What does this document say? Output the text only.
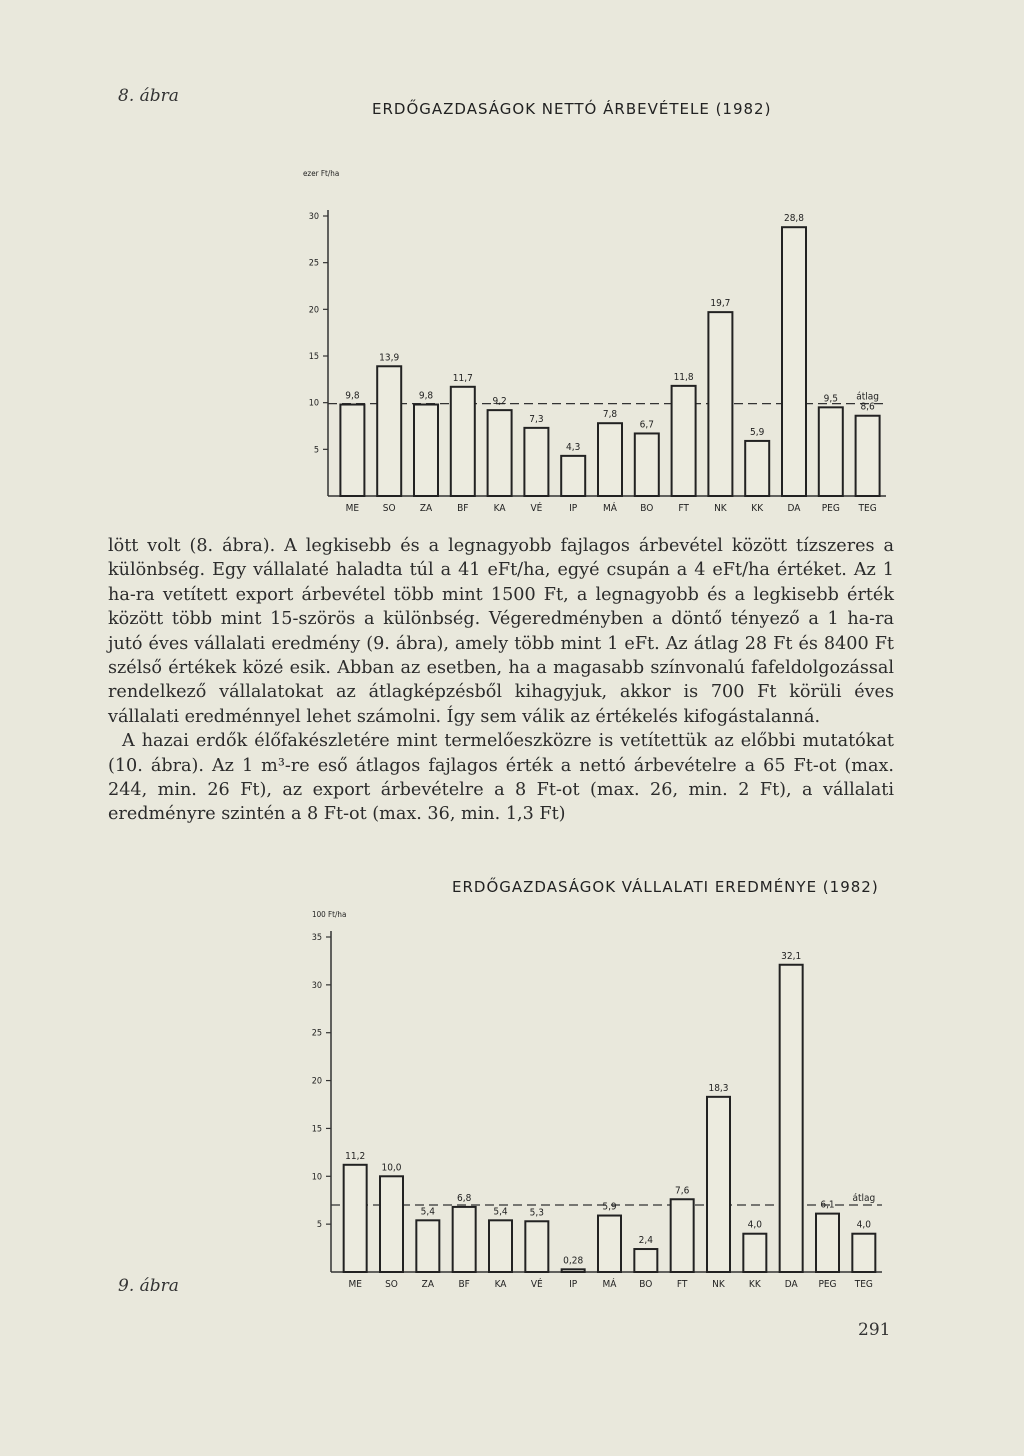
8. ábra
ERDŐGAZDASÁGOK NETTÓ ÁRBEVÉTELE (1982)
5
10
15
20
25
30
ezer Ft/ha
9,8
ME
13,9
SO
9,8
ZA
11,7
BF
9,2
KA
7,3
VÉ
4,3
IP
7,8
MÁ
6,7
BO
11,8
FT
19,7
NK
5,9
KK
28,8
DA
9,5
PEG
8,6
TEG
átlag

lött volt (8. ábra). A legkisebb és a legnagyobb fajlagos árbevétel között tízszeres a különbség. Egy vállalaté haladta túl a 41 eFt/ha, egyé csupán a 4 eFt/ha értéket. Az 1 ha-ra vetített export árbevétel több mint 1500 Ft, a legnagyobb és a legkisebb érték között több mint 15-szörös a különbség. Végeredményben a döntő tényező a 1 ha-ra jutó éves vállalati eredmény (9. ábra), amely több mint 1 eFt. Az átlag 28 Ft és 8400 Ft szélső értékek közé esik. Abban az esetben, ha a magasabb színvonalú fafeldolgozással rendelkező vállalatokat az átlagképzésből kihagyjuk, akkor is 700 Ft körüli éves vállalati eredménnyel lehet számolni. Így sem válik az értékelés kifogástalanná.

A hazai erdők élőfakészletére mint termelőeszközre is vetítettük az előbbi mutatókat (10. ábra). Az 1 m³-re eső átlagos fajlagos érték a nettó árbevételre a 65 Ft-ot (max. 244, min. 26 Ft), az export árbevételre a 8 Ft-ot (max. 26, min. 2 Ft), a vállalati eredményre szintén a 8 Ft-ot (max. 36, min. 1,3 Ft)

ERDŐGAZDASÁGOK VÁLLALATI EREDMÉNYE (1982)
5
10
15
20
25
30
35
100 Ft/ha
11,2
ME
10,0
SO
5,4
ZA
6,8
BF
5,4
KA
5,3
VÉ
0,28
IP
5,9
MÁ
2,4
BO
7,6
FT
18,3
NK
4,0
KK
32,1
DA
6,1
PEG
4,0
TEG
átlag
9. ábra
291
